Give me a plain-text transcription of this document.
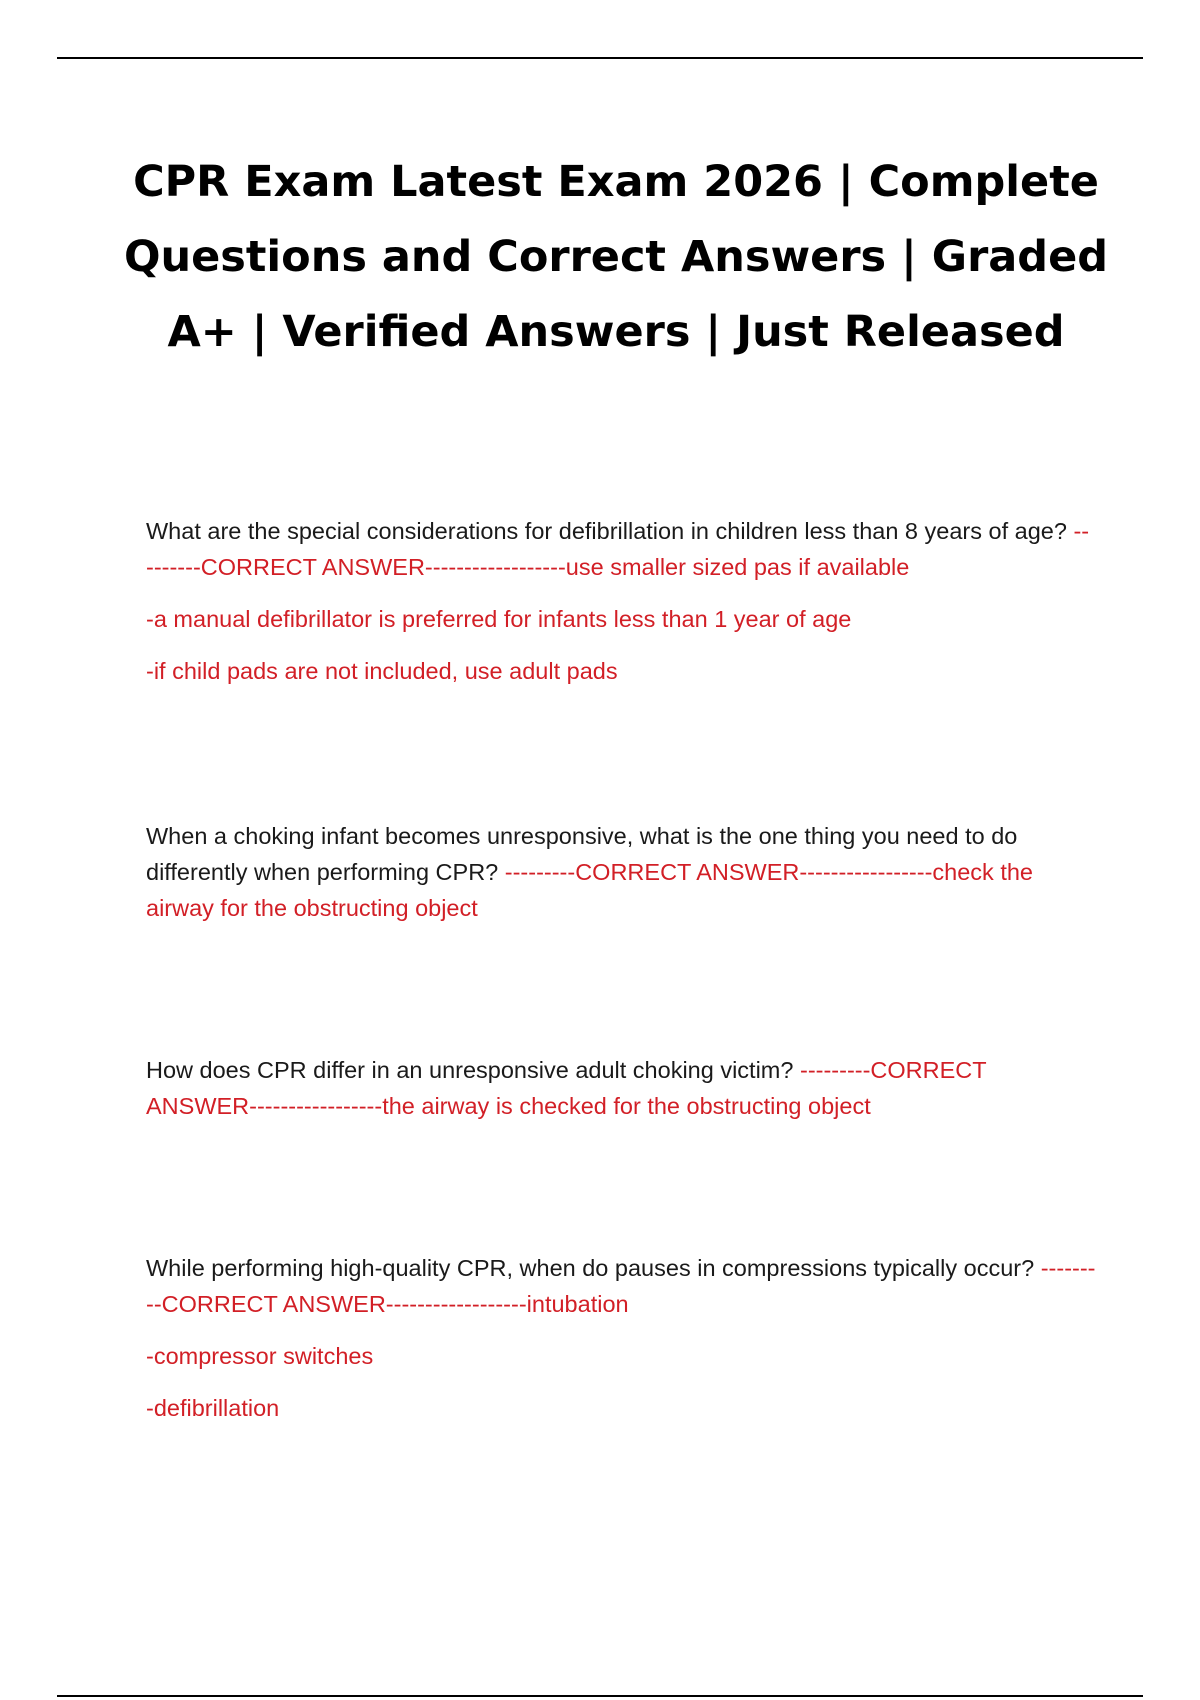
CPR Exam Latest Exam 2026 | Complete Questions and Correct Answers | Graded A+ | Verified Answers | Just Released

What are the special considerations for defibrillation in children less than 8 years of age? ---------CORRECT ANSWER------------------use smaller sized pas if available

-a manual defibrillator is preferred for infants less than 1 year of age

-if child pads are not included, use adult pads

When a choking infant becomes unresponsive, what is the one thing you need to do differently when performing CPR? ---------CORRECT ANSWER-----------------check the airway for the obstructing object

How does CPR differ in an unresponsive adult choking victim? ---------CORRECT ANSWER-----------------the airway is checked for the obstructing object

While performing high-quality CPR, when do pauses in compressions typically occur? ---------CORRECT ANSWER------------------intubation

-compressor switches

-defibrillation
